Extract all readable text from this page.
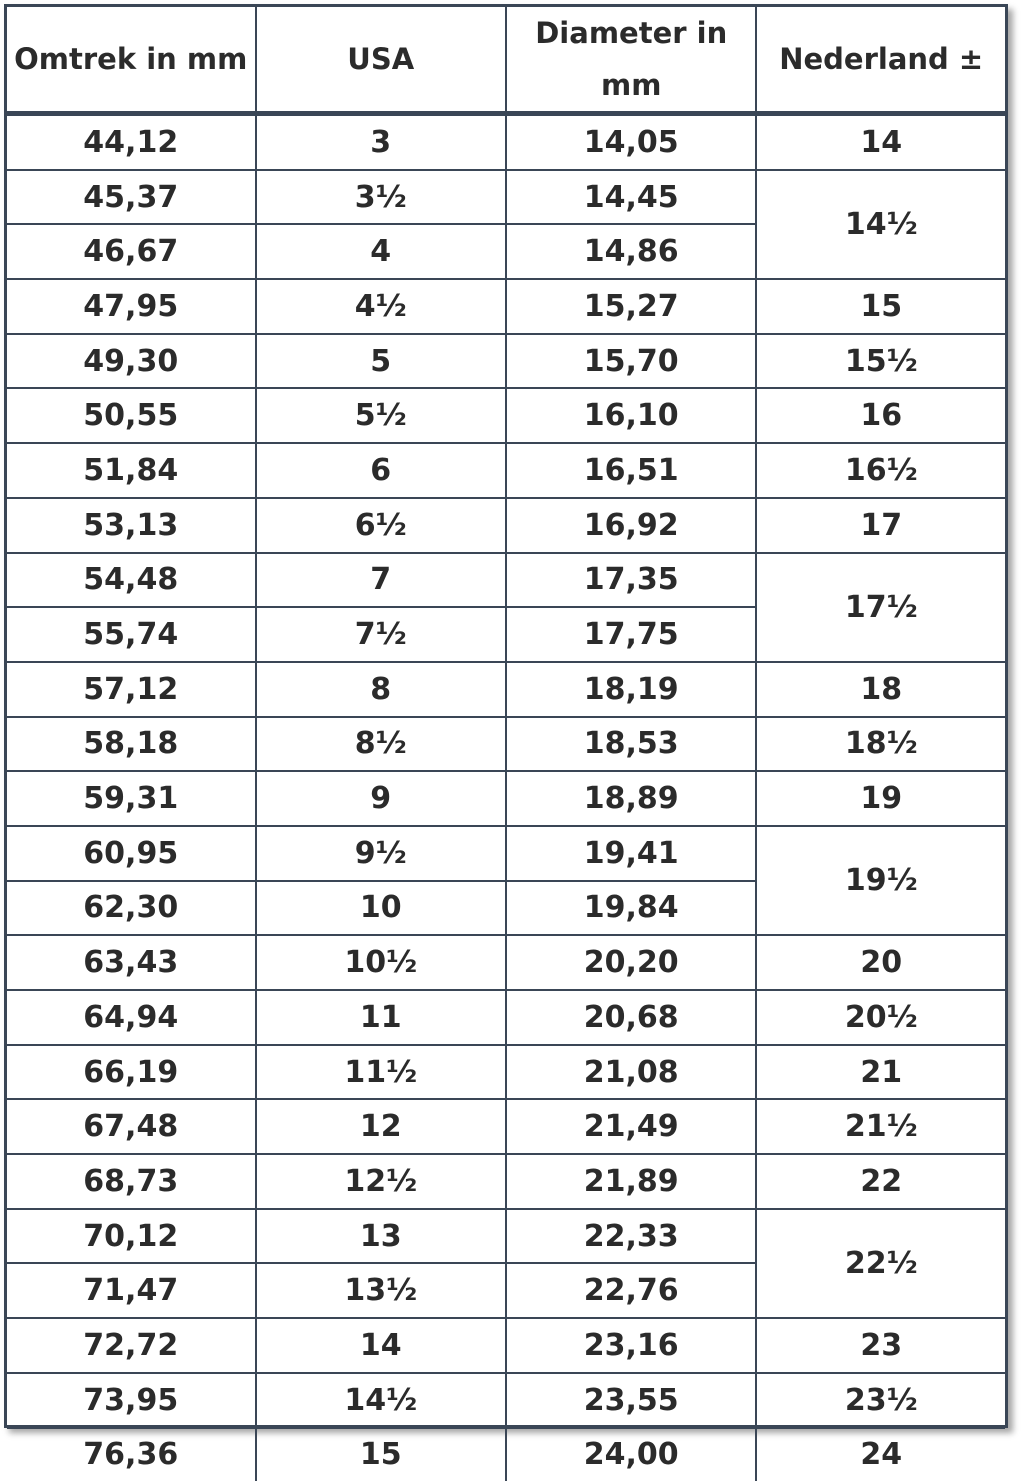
Omtrek in mm	USA	Diameter in mm	Nederland ±
44,12	3	14,05	14
45,37	3½	14,45	14½
46,67	4	14,86	
47,95	4½	15,27	15
49,30	5	15,70	15½
50,55	5½	16,10	16
51,84	6	16,51	16½
53,13	6½	16,92	17
54,48	7	17,35	17½
55,74	7½	17,75	
57,12	8	18,19	18
58,18	8½	18,53	18½
59,31	9	18,89	19
60,95	9½	19,41	19½
62,30	10	19,84	
63,43	10½	20,20	20
64,94	11	20,68	20½
66,19	11½	21,08	21
67,48	12	21,49	21½
68,73	12½	21,89	22
70,12	13	22,33	22½
71,47	13½	22,76	
72,72	14	23,16	23
73,95	14½	23,55	23½
76,36	15	24,00	24
